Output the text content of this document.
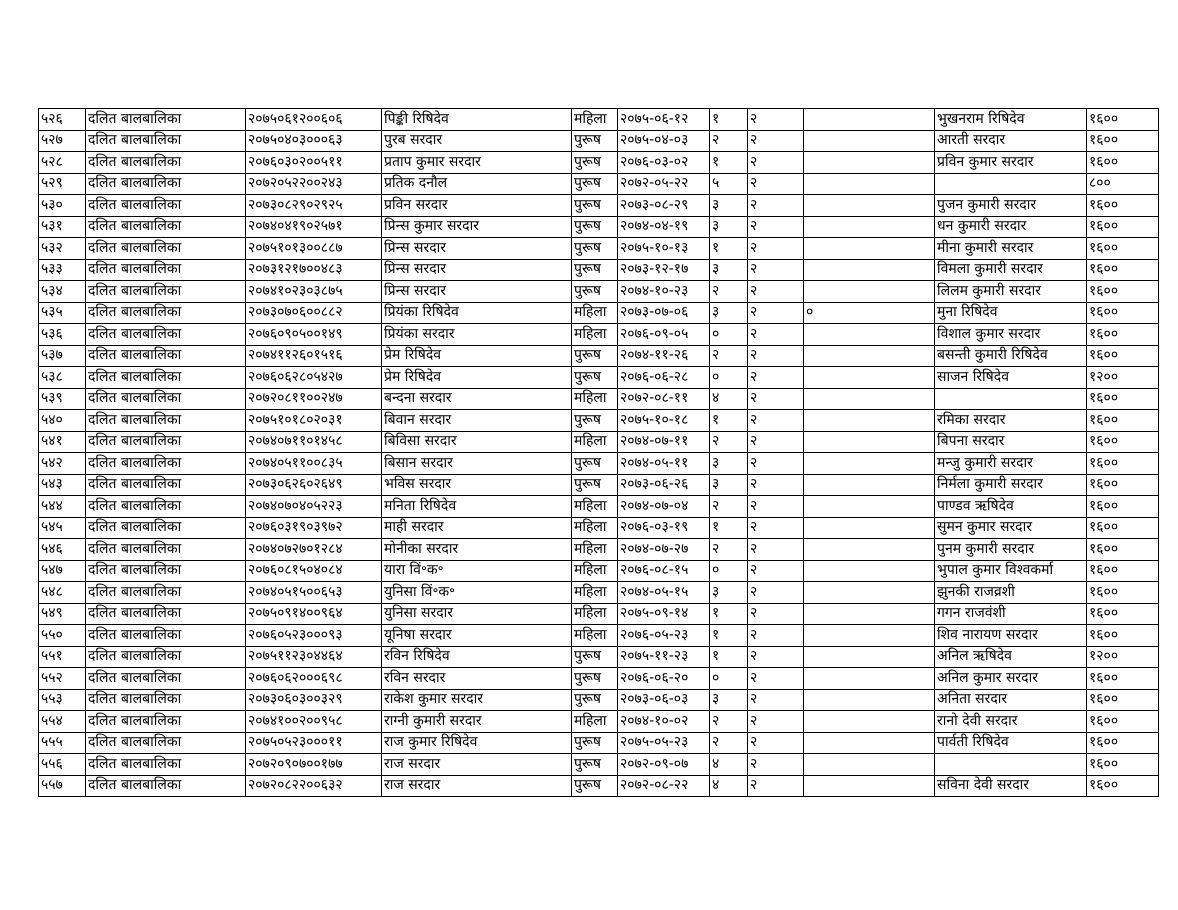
५२६	दलित बालबालिका	२०७५०६१२००६०६	पिङ्की रिषिदेव	महिला	२०७५-०६-१२	१	२		भुखनराम रिषिदेव	१६००
५२७	दलित बालबालिका	२०७५०४०३०००६३	पुरब सरदार	पुरूष	२०७५-०४-०३	२	२		आरती सरदार	१६००
५२८	दलित बालबालिका	२०७६०३०२००५११	प्रताप कुमार सरदार	पुरूष	२०७६-०३-०२	१	२		प्रविन कुमार सरदार	१६००
५२९	दलित बालबालिका	२०७२०५२२००२४३	प्रतिक दनौल	पुरूष	२०७२-०५-२२	५	२			८००
५३०	दलित बालबालिका	२०७३०८२९०२९२५	प्रविन सरदार	पुरूष	२०७३-०८-२९	३	२		पुजन कुमारी सरदार	१६००
५३१	दलित बालबालिका	२०७४०४१९०२५७१	प्रिन्स कुमार सरदार	पुरूष	२०७४-०४-१९	३	२		धन कुमारी सरदार	१६००
५३२	दलित बालबालिका	२०७५१०१३००८८७	प्रिन्स सरदार	पुरूष	२०७५-१०-१३	१	२		मीना कुमारी सरदार	१६००
५३३	दलित बालबालिका	२०७३१२१७००४८३	प्रिन्स सरदार	पुरूष	२०७३-१२-१७	३	२		विमला कुमारी सरदार	१६००
५३४	दलित बालबालिका	२०७४१०२३०३८७५	प्रिन्स सरदार	पुरूष	२०७४-१०-२३	२	२		लिलम कुमारी सरदार	१६००
५३५	दलित बालबालिका	२०७३०७०६००८८२	प्रियंका रिषिदेव	महिला	२०७३-०७-०६	३	२	०	मुना रिषिदेव	१६००
५३६	दलित बालबालिका	२०७६०९०५००१४९	प्रियंका सरदार	महिला	२०७६-०९-०५	०	२		विशाल कुमार सरदार	१६००
५३७	दलित बालबालिका	२०७४११२६०१५१६	प्रेम रिषिदेव	पुरूष	२०७४-११-२६	२	२		बसन्ती कुमारी रिषिदेव	१६००
५३८	दलित बालबालिका	२०७६०६२८०५४२७	प्रेम रिषिदेव	पुरूष	२०७६-०६-२८	०	२		साजन रिषिदेव	१२००
५३९	दलित बालबालिका	२०७२०८११००२४७	बन्दना सरदार	महिला	२०७२-०८-११	४	२			१६००
५४०	दलित बालबालिका	२०७५१०१८०२०३१	बिवान सरदार	पुरूष	२०७५-१०-१८	१	२		रमिका सरदार	१६००
५४१	दलित बालबालिका	२०७४०७११०१४५८	बिविसा सरदार	महिला	२०७४-०७-११	२	२		बिपना सरदार	१६००
५४२	दलित बालबालिका	२०७४०५११००८३५	बिसान सरदार	पुरूष	२०७४-०५-११	३	२		मन्जु कुमारी सरदार	१६००
५४३	दलित बालबालिका	२०७३०६२६०२६४९	भविस सरदार	पुरूष	२०७३-०६-२६	३	२		निर्मला कुमारी सरदार	१६००
५४४	दलित बालबालिका	२०७४०७०४०५२२३	मनिता रिषिदेव	महिला	२०७४-०७-०४	२	२		पाण्डव ऋषिदेव	१६००
५४५	दलित बालबालिका	२०७६०३१९०३९७२	माही सरदार	महिला	२०७६-०३-१९	१	२		सुमन कुमार सरदार	१६००
५४६	दलित बालबालिका	२०७४०७२७०१२८४	मोनीका सरदार	महिला	२०७४-०७-२७	२	२		पुनम कुमारी सरदार	१६००
५४७	दलित बालबालिका	२०७६०८१५०४०८४	यारा विं॰क॰	महिला	२०७६-०८-१५	०	२		भुपाल कुमार विश्वकर्मा	१६००
५४८	दलित बालबालिका	२०७४०५१५००६५३	युनिसा विं॰क॰	महिला	२०७४-०५-१५	३	२		झुनकी राजव्रशी	१६००
५४९	दलित बालबालिका	२०७५०९१४००९६४	युनिसा सरदार	महिला	२०७५-०९-१४	१	२		गगन राजवंशी	१६००
५५०	दलित बालबालिका	२०७६०५२३०००९३	यूनिषा सरदार	महिला	२०७६-०५-२३	१	२		शिव नारायण सरदार	१६००
५५१	दलित बालबालिका	२०७५११२३०४४६४	रविन रिषिदेव	पुरूष	२०७५-११-२३	१	२		अनिल ऋषिदेव	१२००
५५२	दलित बालबालिका	२०७६०६२०००६९८	रविन सरदार	पुरूष	२०७६-०६-२०	०	२		अनिल कुमार सरदार	१६००
५५३	दलित बालबालिका	२०७३०६०३००३२९	राकेश कुमार सरदार	पुरूष	२०७३-०६-०३	३	२		अनिता सरदार	१६००
५५४	दलित बालबालिका	२०७४१००२००९५८	राग्नी कुमारी सरदार	महिला	२०७४-१०-०२	२	२		रानो देवी सरदार	१६००
५५५	दलित बालबालिका	२०७५०५२३०००११	राज कुमार रिषिदेव	पुरूष	२०७५-०५-२३	२	२		पार्वती रिषिदेव	१६००
५५६	दलित बालबालिका	२०७२०९०७००१७७	राज सरदार	पुरूष	२०७२-०९-०७	४	२			१६००
५५७	दलित बालबालिका	२०७२०८२२००६३२	राज सरदार	पुरूष	२०७२-०८-२२	४	२		सविना देवी सरदार	१६००
